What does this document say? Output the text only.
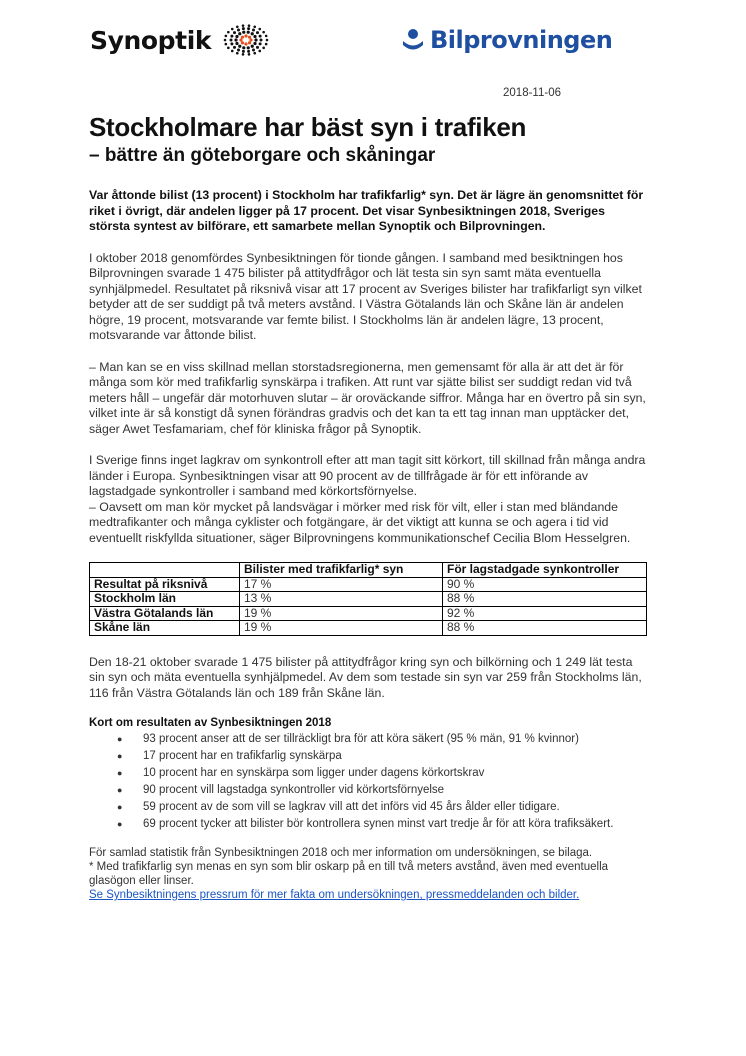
Synoptik	Bilprovningen
2018-11-06
Stockholmare har bäst syn i trafiken
– bättre än göteborgare och skåningar

Var åttonde bilist (13 procent) i Stockholm har trafikfarlig* syn. Det är lägre än genomsnittet för riket i övrigt, där andelen ligger på 17 procent. Det visar Synbesiktningen 2018, Sveriges största syntest av bilförare, ett samarbete mellan Synoptik och Bilprovningen.

I oktober 2018 genomfördes Synbesiktningen för tionde gången. I samband med besiktningen hos Bilprovningen svarade 1 475 bilister på attitydfrågor och lät testa sin syn samt mäta eventuella synhjälpmedel. Resultatet på riksnivå visar att 17 procent av Sveriges bilister har trafikfarligt syn vilket betyder att de ser suddigt på två meters avstånd. I Västra Götalands län och Skåne län är andelen högre, 19 procent, motsvarande var femte bilist. I Stockholms län är andelen lägre, 13 procent, motsvarande var åttonde bilist.

– Man kan se en viss skillnad mellan storstadsregionerna, men gemensamt för alla är att det är för många som kör med trafikfarlig synskärpa i trafiken. Att runt var sjätte bilist ser suddigt redan vid två meters håll – ungefär där motorhuven slutar – är oroväckande siffror. Många har en övertro på sin syn, vilket inte är så konstigt då synen förändras gradvis och det kan ta ett tag innan man upptäcker det, säger Awet Tesfamariam, chef för kliniska frågor på Synoptik.

I Sverige finns inget lagkrav om synkontroll efter att man tagit sitt körkort, till skillnad från många andra länder i Europa. Synbesiktningen visar att 90 procent av de tillfrågade är för ett införande av lagstadgade synkontroller i samband med körkortsförnyelse.

– Oavsett om man kör mycket på landsvägar i mörker med risk för vilt, eller i stan med bländande medtrafikanter och många cyklister och fotgängare, är det viktigt att kunna se och agera i tid vid eventuellt riskfyllda situationer, säger Bilprovningens kommunikationschef Cecilia Blom Hesselgren.

	Bilister med trafikfarlig* syn	För lagstadgade synkontroller
Resultat på riksnivå	17 %	90 %
Stockholm län	13 %	88 %
Västra Götalands län	19 %	92 %
Skåne län	19 %	88 %

Den 18-21 oktober svarade 1 475 bilister på attitydfrågor kring syn och bilkörning och 1 249 lät testa sin syn och mäta eventuella synhjälpmedel. Av dem som testade sin syn var 259 från Stockholms län, 116 från Västra Götalands län och 189 från Skåne län.

Kort om resultaten av Synbesiktningen 2018
● 93 procent anser att de ser tillräckligt bra för att köra säkert (95 % män, 91 % kvinnor)
● 17 procent har en trafikfarlig synskärpa
● 10 procent har en synskärpa som ligger under dagens körkortskrav
● 90 procent vill lagstadga synkontroller vid körkortsförnyelse
● 59 procent av de som vill se lagkrav vill att det införs vid 45 års ålder eller tidigare.
● 69 procent tycker att bilister bör kontrollera synen minst vart tredje år för att köra trafiksäkert.

För samlad statistik från Synbesiktningen 2018 och mer information om undersökningen, se bilaga.

* Med trafikfarlig syn menas en syn som blir oskarp på en till två meters avstånd, även med eventuella glasögon eller linser.

Se Synbesiktningens pressrum för mer fakta om undersökningen, pressmeddelanden och bilder.
